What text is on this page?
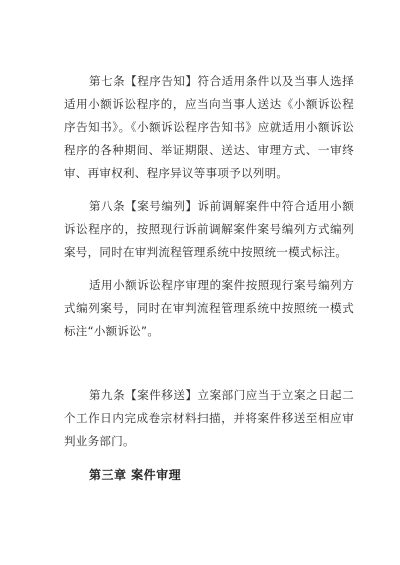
第七条【程序告知】符合适用条件以及当事人选择适用小额诉讼程序的，应当向当事人送达《小额诉讼程序告知书》。《小额诉讼程序告知书》应就适用小额诉讼程序的各种期间、举证期限、送达、审理方式、一审终审、再审权利、程序异议等事项予以列明。

第八条【案号编列】诉前调解案件中符合适用小额诉讼程序的，按照现行诉前调解案件案号编列方式编列案号，同时在审判流程管理系统中按照统一模式标注。

适用小额诉讼程序审理的案件按照现行案号编列方式编列案号，同时在审判流程管理系统中按照统一模式标注“小额诉讼”。

第九条【案件移送】立案部门应当于立案之日起二个工作日内完成卷宗材料扫描，并将案件移送至相应审判业务部门。

第三章 案件审理
